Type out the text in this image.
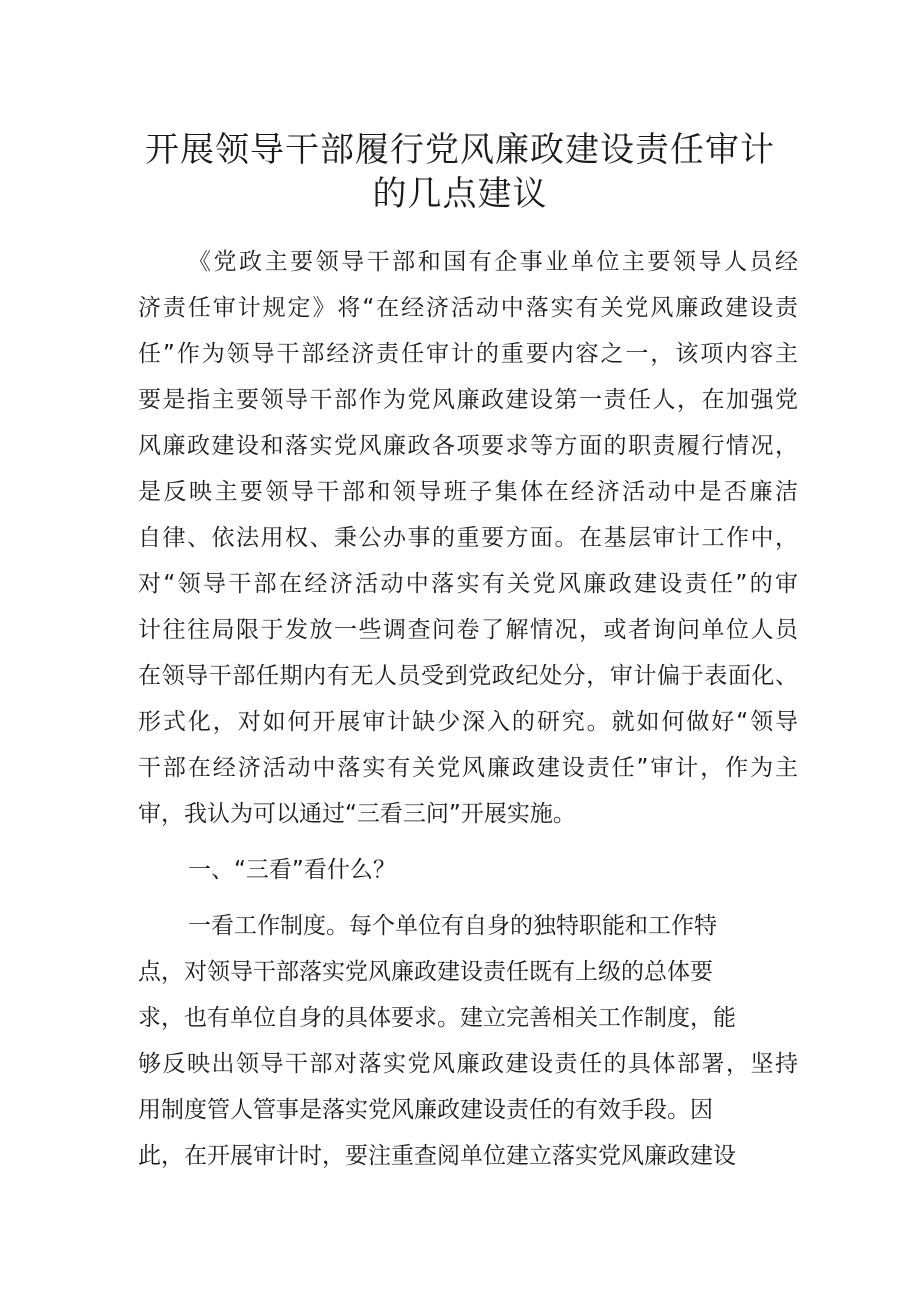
开展领导干部履行党风廉政建设责任审计
的几点建议
《党政主要领导干部和国有企事业单位主要领导人员经
济责任审计规定》将“在经济活动中落实有关党风廉政建设责
任”作为领导干部经济责任审计的重要内容之一，该项内容主
要是指主要领导干部作为党风廉政建设第一责任人，在加强党
风廉政建设和落实党风廉政各项要求等方面的职责履行情况，
是反映主要领导干部和领导班子集体在经济活动中是否廉洁
自律、依法用权、秉公办事的重要方面。在基层审计工作中，
对“领导干部在经济活动中落实有关党风廉政建设责任”的审
计往往局限于发放一些调查问卷了解情况，或者询问单位人员
在领导干部任期内有无人员受到党政纪处分，审计偏于表面化、
形式化，对如何开展审计缺少深入的研究。就如何做好“领导
干部在经济活动中落实有关党风廉政建设责任”审计，作为主
审，我认为可以通过“三看三问”开展实施。
一、“三看”看什么？
一看工作制度。每个单位有自身的独特职能和工作特
点，对领导干部落实党风廉政建设责任既有上级的总体要
求，也有单位自身的具体要求。建立完善相关工作制度，能
够反映出领导干部对落实党风廉政建设责任的具体部署，坚持
用制度管人管事是落实党风廉政建设责任的有效手段。因
此，在开展审计时，要注重查阅单位建立落实党风廉政建设
